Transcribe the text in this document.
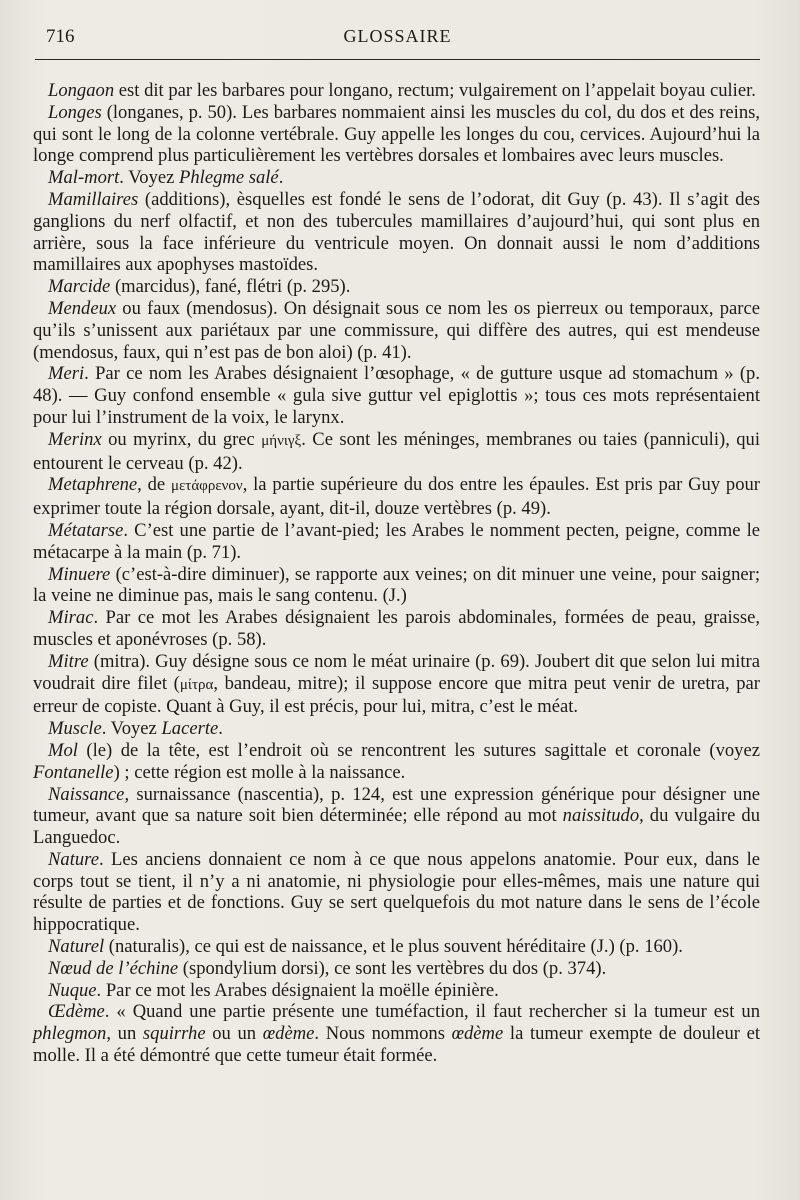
716	GLOSSAIRE

Longaon est dit par les barbares pour longano, rectum; vulgairement on l’appelait boyau culier.

Longes (longanes, p. 50). Les barbares nommaient ainsi les muscles du col, du dos et des reins, qui sont le long de la colonne vertébrale. Guy appelle les longes du cou, cervices. Aujourd’hui la longe comprend plus particulièrement les vertèbres dorsales et lombaires avec leurs muscles.

Mal-mort. Voyez Phlegme salé.

Mamillaires (additions), èsquelles est fondé le sens de l’odorat, dit Guy (p. 43). Il s’agit des ganglions du nerf olfactif, et non des tubercules mamillaires d’aujourd’hui, qui sont plus en arrière, sous la face inférieure du ventricule moyen. On donnait aussi le nom d’additions mamillaires aux apophyses mastoïdes.

Marcide (marcidus), fané, flétri (p. 295).

Mendeux ou faux (mendosus). On désignait sous ce nom les os pierreux ou temporaux, parce qu’ils s’unissent aux pariétaux par une commissure, qui diffère des autres, qui est mendeuse (mendosus, faux, qui n’est pas de bon aloi) (p. 41).

Meri. Par ce nom les Arabes désignaient l’œsophage, « de gutture usque ad stomachum » (p. 48). — Guy confond ensemble « gula sive guttur vel epiglottis »; tous ces mots représentaient pour lui l’instrument de la voix, le larynx.

Merinx ou myrinx, du grec μήνιγξ. Ce sont les méninges, membranes ou taies (panniculi), qui entourent le cerveau (p. 42).

Metaphrene, de μετάφρενον, la partie supérieure du dos entre les épaules. Est pris par Guy pour exprimer toute la région dorsale, ayant, dit-il, douze vertèbres (p. 49).

Métatarse. C’est une partie de l’avant-pied; les Arabes le nomment pecten, peigne, comme le métacarpe à la main (p. 71).

Minuere (c’est-à-dire diminuer), se rapporte aux veines; on dit minuer une veine, pour saigner; la veine ne diminue pas, mais le sang contenu. (J.)

Mirac. Par ce mot les Arabes désignaient les parois abdominales, formées de peau, graisse, muscles et aponévroses (p. 58).

Mitre (mitra). Guy désigne sous ce nom le méat urinaire (p. 69). Joubert dit que selon lui mitra voudrait dire filet (μίτρα, bandeau, mitre); il suppose encore que mitra peut venir de uretra, par erreur de copiste. Quant à Guy, il est précis, pour lui, mitra, c’est le méat.

Muscle. Voyez Lacerte.

Mol (le) de la tête, est l’endroit où se rencontrent les sutures sagittale et coronale (voyez Fontanelle) ; cette région est molle à la naissance.

Naissance, surnaissance (nascentia), p. 124, est une expression générique pour désigner une tumeur, avant que sa nature soit bien déterminée; elle répond au mot naissitudo, du vulgaire du Languedoc.

Nature. Les anciens donnaient ce nom à ce que nous appelons anatomie. Pour eux, dans le corps tout se tient, il n’y a ni anatomie, ni physiologie pour elles-mêmes, mais une nature qui résulte de parties et de fonctions. Guy se sert quelquefois du mot nature dans le sens de l’école hippocratique.

Naturel (naturalis), ce qui est de naissance, et le plus souvent héréditaire (J.) (p. 160).

Nœud de l’échine (spondylium dorsi), ce sont les vertèbres du dos (p. 374).

Nuque. Par ce mot les Arabes désignaient la moëlle épinière.

Œdème. « Quand une partie présente une tuméfaction, il faut rechercher si la tumeur est un phlegmon, un squirrhe ou un œdème. Nous nommons œdème la tumeur exempte de douleur et molle. Il a été démontré que cette tumeur était formée.
